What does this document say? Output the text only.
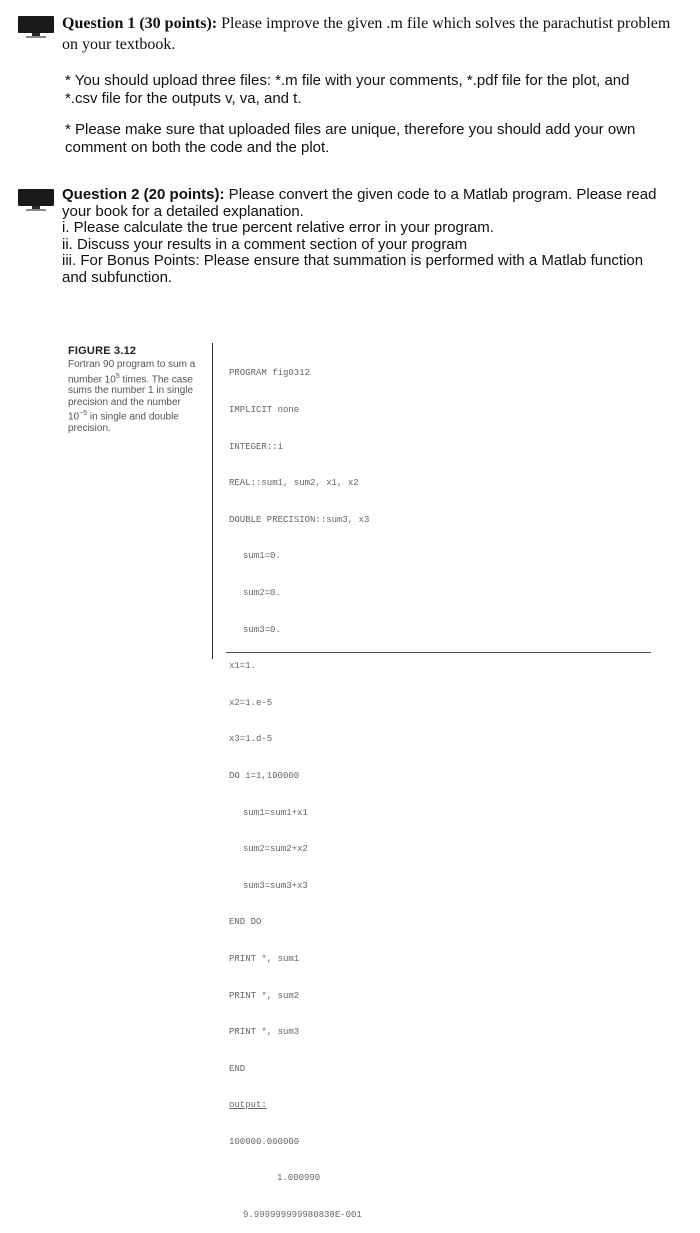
Question 1 (30 points): Please improve the given .m file which solves the parachutist problem on your textbook.
* You should upload three files: *.m file with your comments, *.pdf file for the plot, and *.csv file for the outputs v, va, and t.
* Please make sure that uploaded files are unique, therefore you should add your own comment on both the code and the plot.
Question 2 (20 points): Please convert the given code to a Matlab program. Please read your book for a detailed explanation.
i. Please calculate the true percent relative error in your program.
ii. Discuss your results in a comment section of your program
iii. For Bonus Points: Please ensure that summation is performed with a Matlab function and subfunction.
FIGURE 3.12
Fortran 90 program to sum a number $10^5$ times. The case sums the number 1 in single precision and the number $10^{-5}$ in single and double precision.

PROGRAM fig0312

IMPLICIT none

INTEGER::i

REAL::sum1, sum2, x1, x2

DOUBLE PRECISION::sum3, x3

sum1=0.

sum2=0.

sum3=0.

x1=1.

x2=1.e-5

x3=1.d-5

DO i=1,100000

sum1=sum1+x1

sum2=sum2+x2

sum3=sum3+x3

END DO

PRINT *, sum1

PRINT *, sum2

PRINT *, sum3

END

output:

100000.000000

1.000990

9.999999999980838E-001
